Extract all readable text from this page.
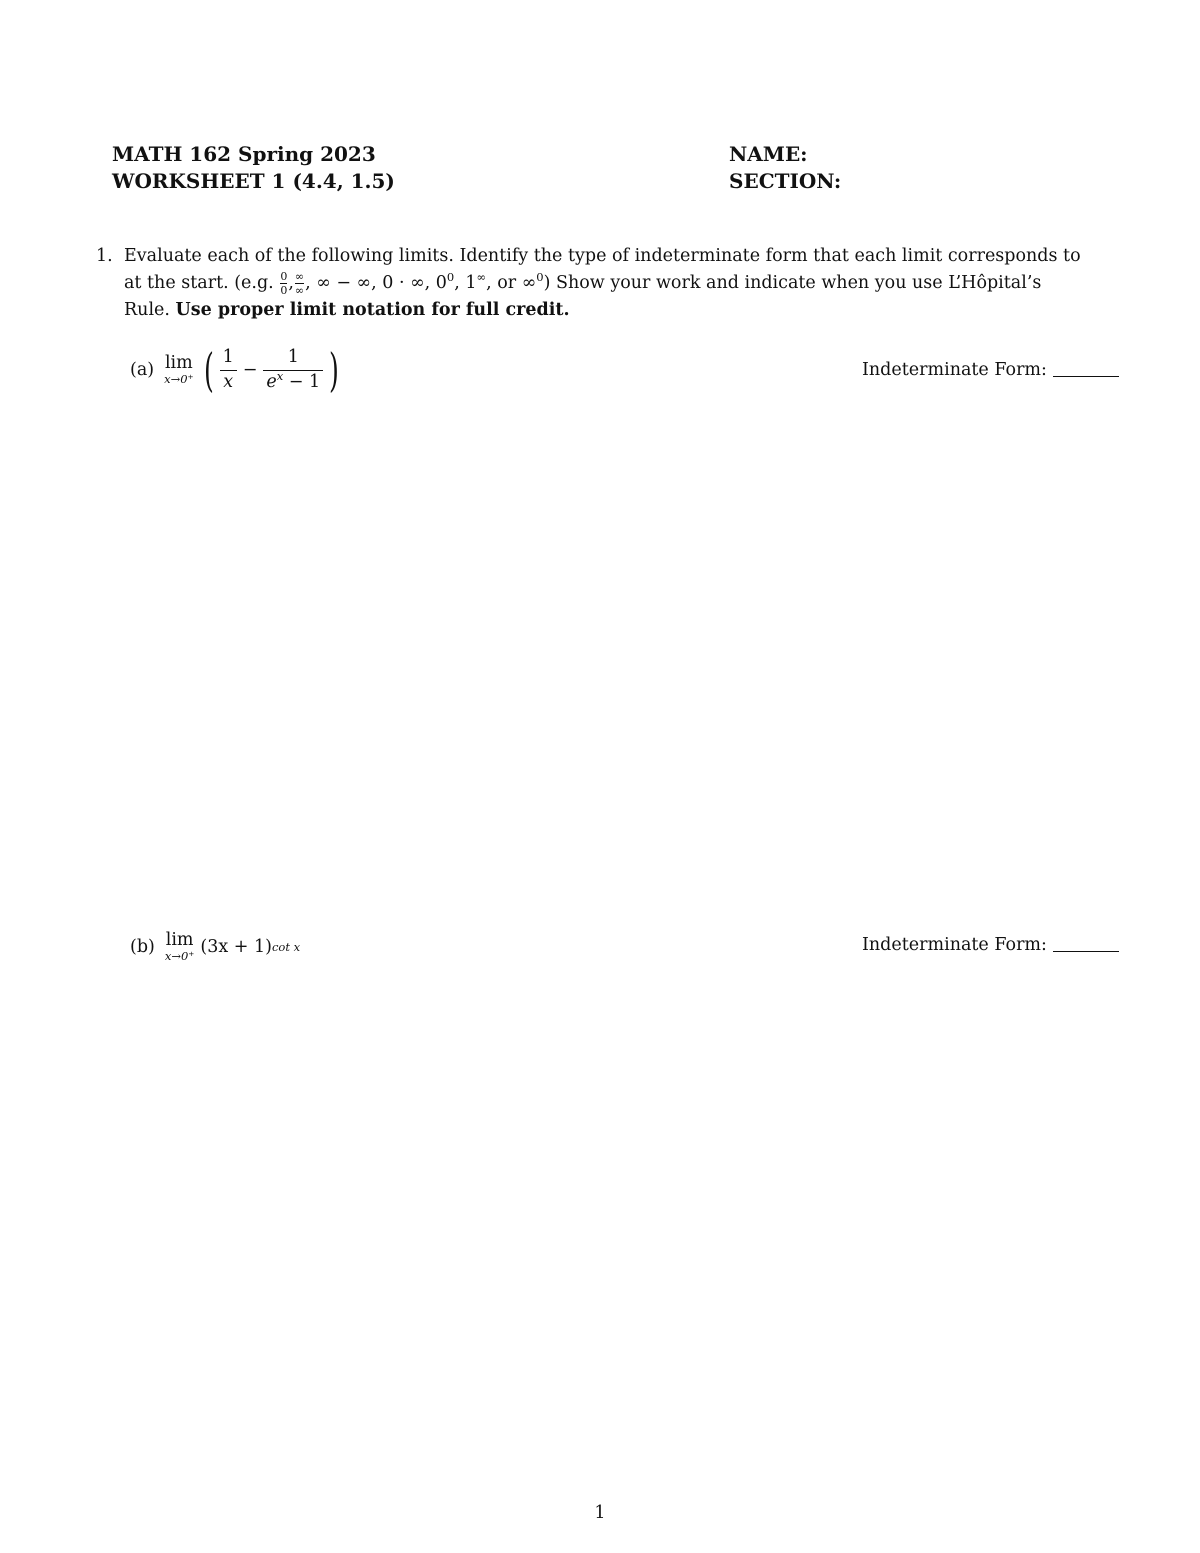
MATH 162 Spring 2023
WORKSHEET 1 (4.4, 1.5)
NAME:
SECTION:
1. Evaluate each of the following limits. Identify the type of indeterminate form that each limit corresponds to
at the start. (e.g. $\frac{0}{0}$ , $\frac{\infty}{\infty}$ , ∞ − ∞, 0 · ∞, $0^0$, 1∞, or ∞$^0$) Show your work and indicate when you use L’Hôpital’s
Rule. Use proper limit notation for full credit.
(a) lim
x→0⁺ ( $\frac{1}{x} - \frac{1}{e^x - 1}$ )	Indeterminate Form:
(b) lim
x→0⁺ (3x + 1) cot x	Indeterminate Form:
1
